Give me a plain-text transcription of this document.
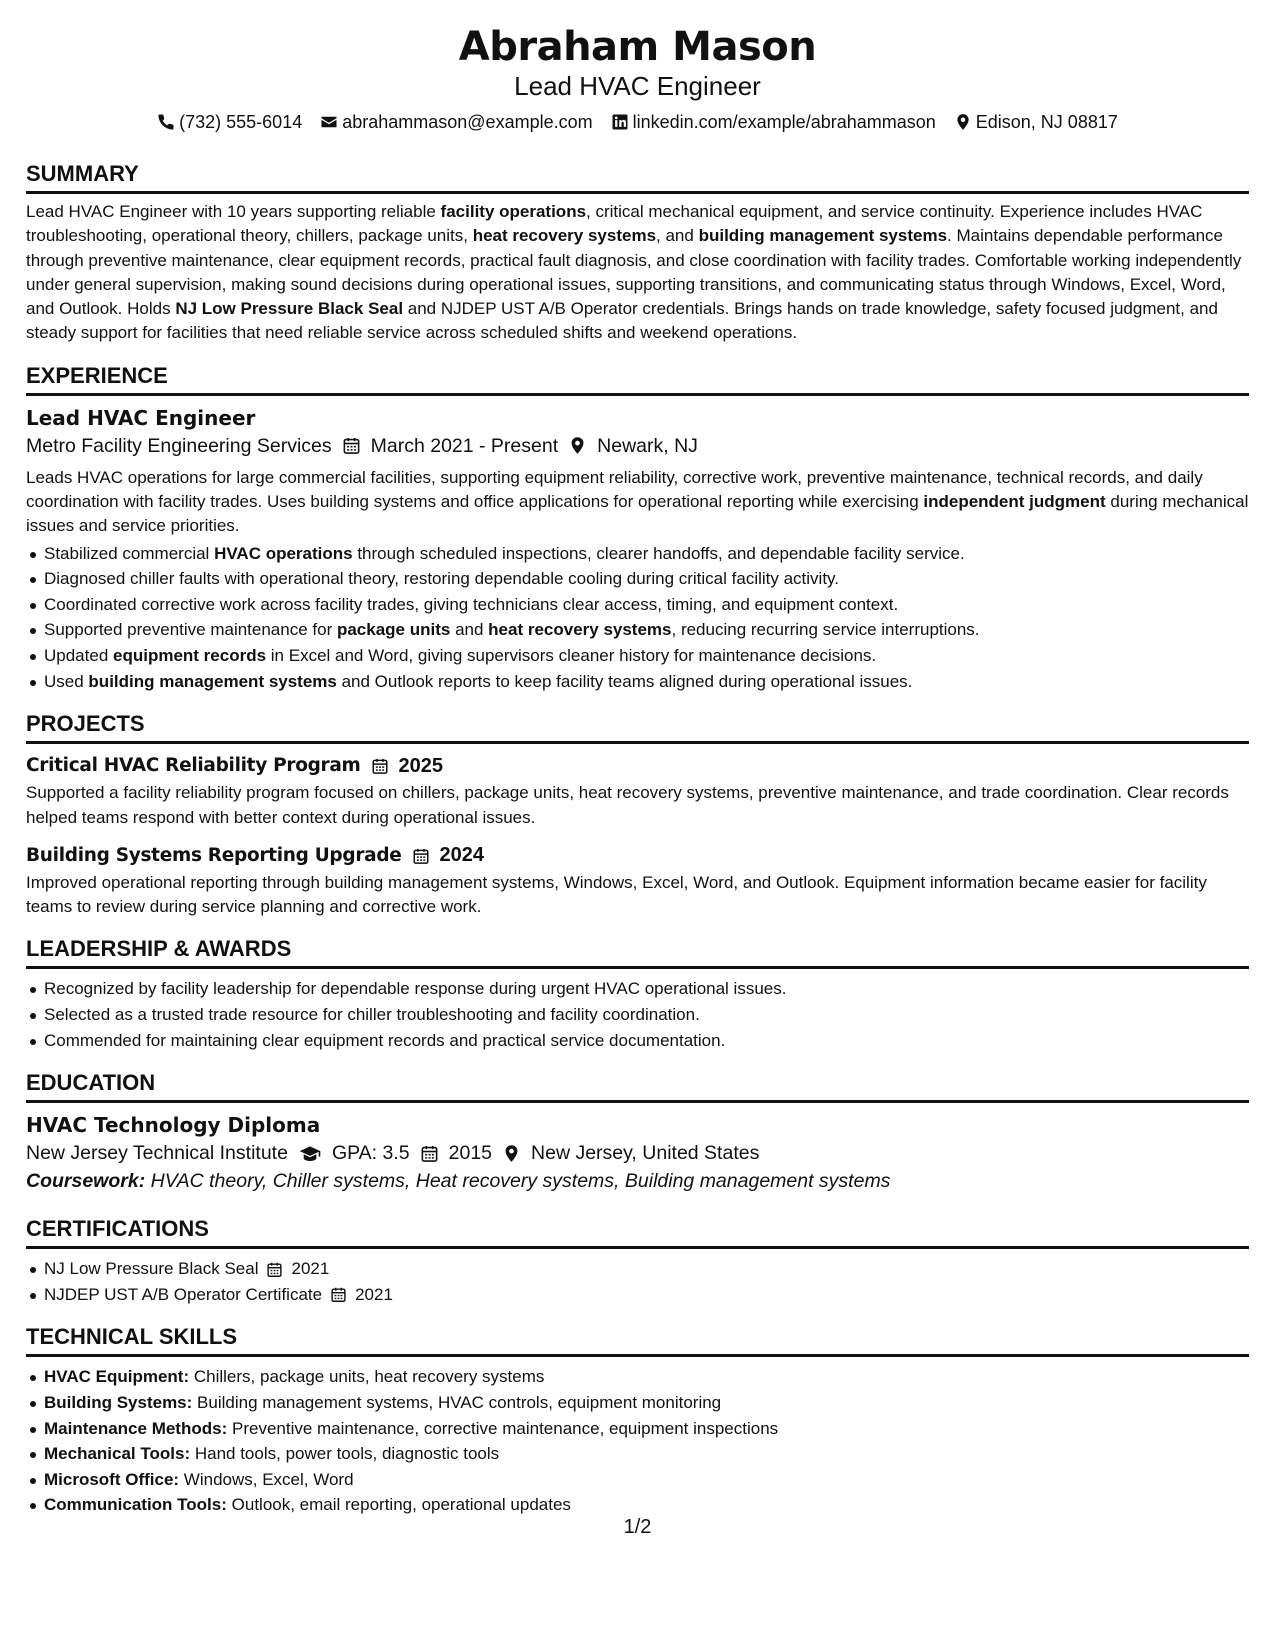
Abraham Mason
Lead HVAC Engineer
(732) 555-6014 abrahammason@example.com linkedin.com/example/abrahammason Edison, NJ 08817
SUMMARY
Lead HVAC Engineer with 10 years supporting reliable facility operations, critical mechanical equipment, and service continuity. Experience includes HVAC troubleshooting, operational theory, chillers, package units, heat recovery systems, and building management systems. Maintains dependable performance through preventive maintenance, clear equipment records, practical fault diagnosis, and close coordination with facility trades. Comfortable working independently under general supervision, making sound decisions during operational issues, supporting transitions, and communicating status through Windows, Excel, Word, and Outlook. Holds NJ Low Pressure Black Seal and NJDEP UST A/B Operator credentials. Brings hands on trade knowledge, safety focused judgment, and steady support for facilities that need reliable service across scheduled shifts and weekend operations.
EXPERIENCE
Lead HVAC Engineer
Metro Facility Engineering Services March 2021 - Present Newark, NJ
Leads HVAC operations for large commercial facilities, supporting equipment reliability, corrective work, preventive maintenance, technical records, and daily coordination with facility trades. Uses building systems and office applications for operational reporting while exercising independent judgment during mechanical issues and service priorities.
Stabilized commercial HVAC operations through scheduled inspections, clearer handoffs, and dependable facility service.
Diagnosed chiller faults with operational theory, restoring dependable cooling during critical facility activity.
Coordinated corrective work across facility trades, giving technicians clear access, timing, and equipment context.
Supported preventive maintenance for package units and heat recovery systems, reducing recurring service interruptions.
Updated equipment records in Excel and Word, giving supervisors cleaner history for maintenance decisions.
Used building management systems and Outlook reports to keep facility teams aligned during operational issues.
PROJECTS
Critical HVAC Reliability Program 2025
Supported a facility reliability program focused on chillers, package units, heat recovery systems, preventive maintenance, and trade coordination. Clear records helped teams respond with better context during operational issues.
Building Systems Reporting Upgrade 2024
Improved operational reporting through building management systems, Windows, Excel, Word, and Outlook. Equipment information became easier for facility teams to review during service planning and corrective work.
LEADERSHIP & AWARDS
Recognized by facility leadership for dependable response during urgent HVAC operational issues.
Selected as a trusted trade resource for chiller troubleshooting and facility coordination.
Commended for maintaining clear equipment records and practical service documentation.
EDUCATION
HVAC Technology Diploma
New Jersey Technical Institute GPA: 3.5 2015 New Jersey, United States
Coursework: HVAC theory, Chiller systems, Heat recovery systems, Building management systems
CERTIFICATIONS
NJ Low Pressure Black Seal 2021
NJDEP UST A/B Operator Certificate 2021
TECHNICAL SKILLS
HVAC Equipment: Chillers, package units, heat recovery systems
Building Systems: Building management systems, HVAC controls, equipment monitoring
Maintenance Methods: Preventive maintenance, corrective maintenance, equipment inspections
Mechanical Tools: Hand tools, power tools, diagnostic tools
Microsoft Office: Windows, Excel, Word
Communication Tools: Outlook, email reporting, operational updates
1/2
